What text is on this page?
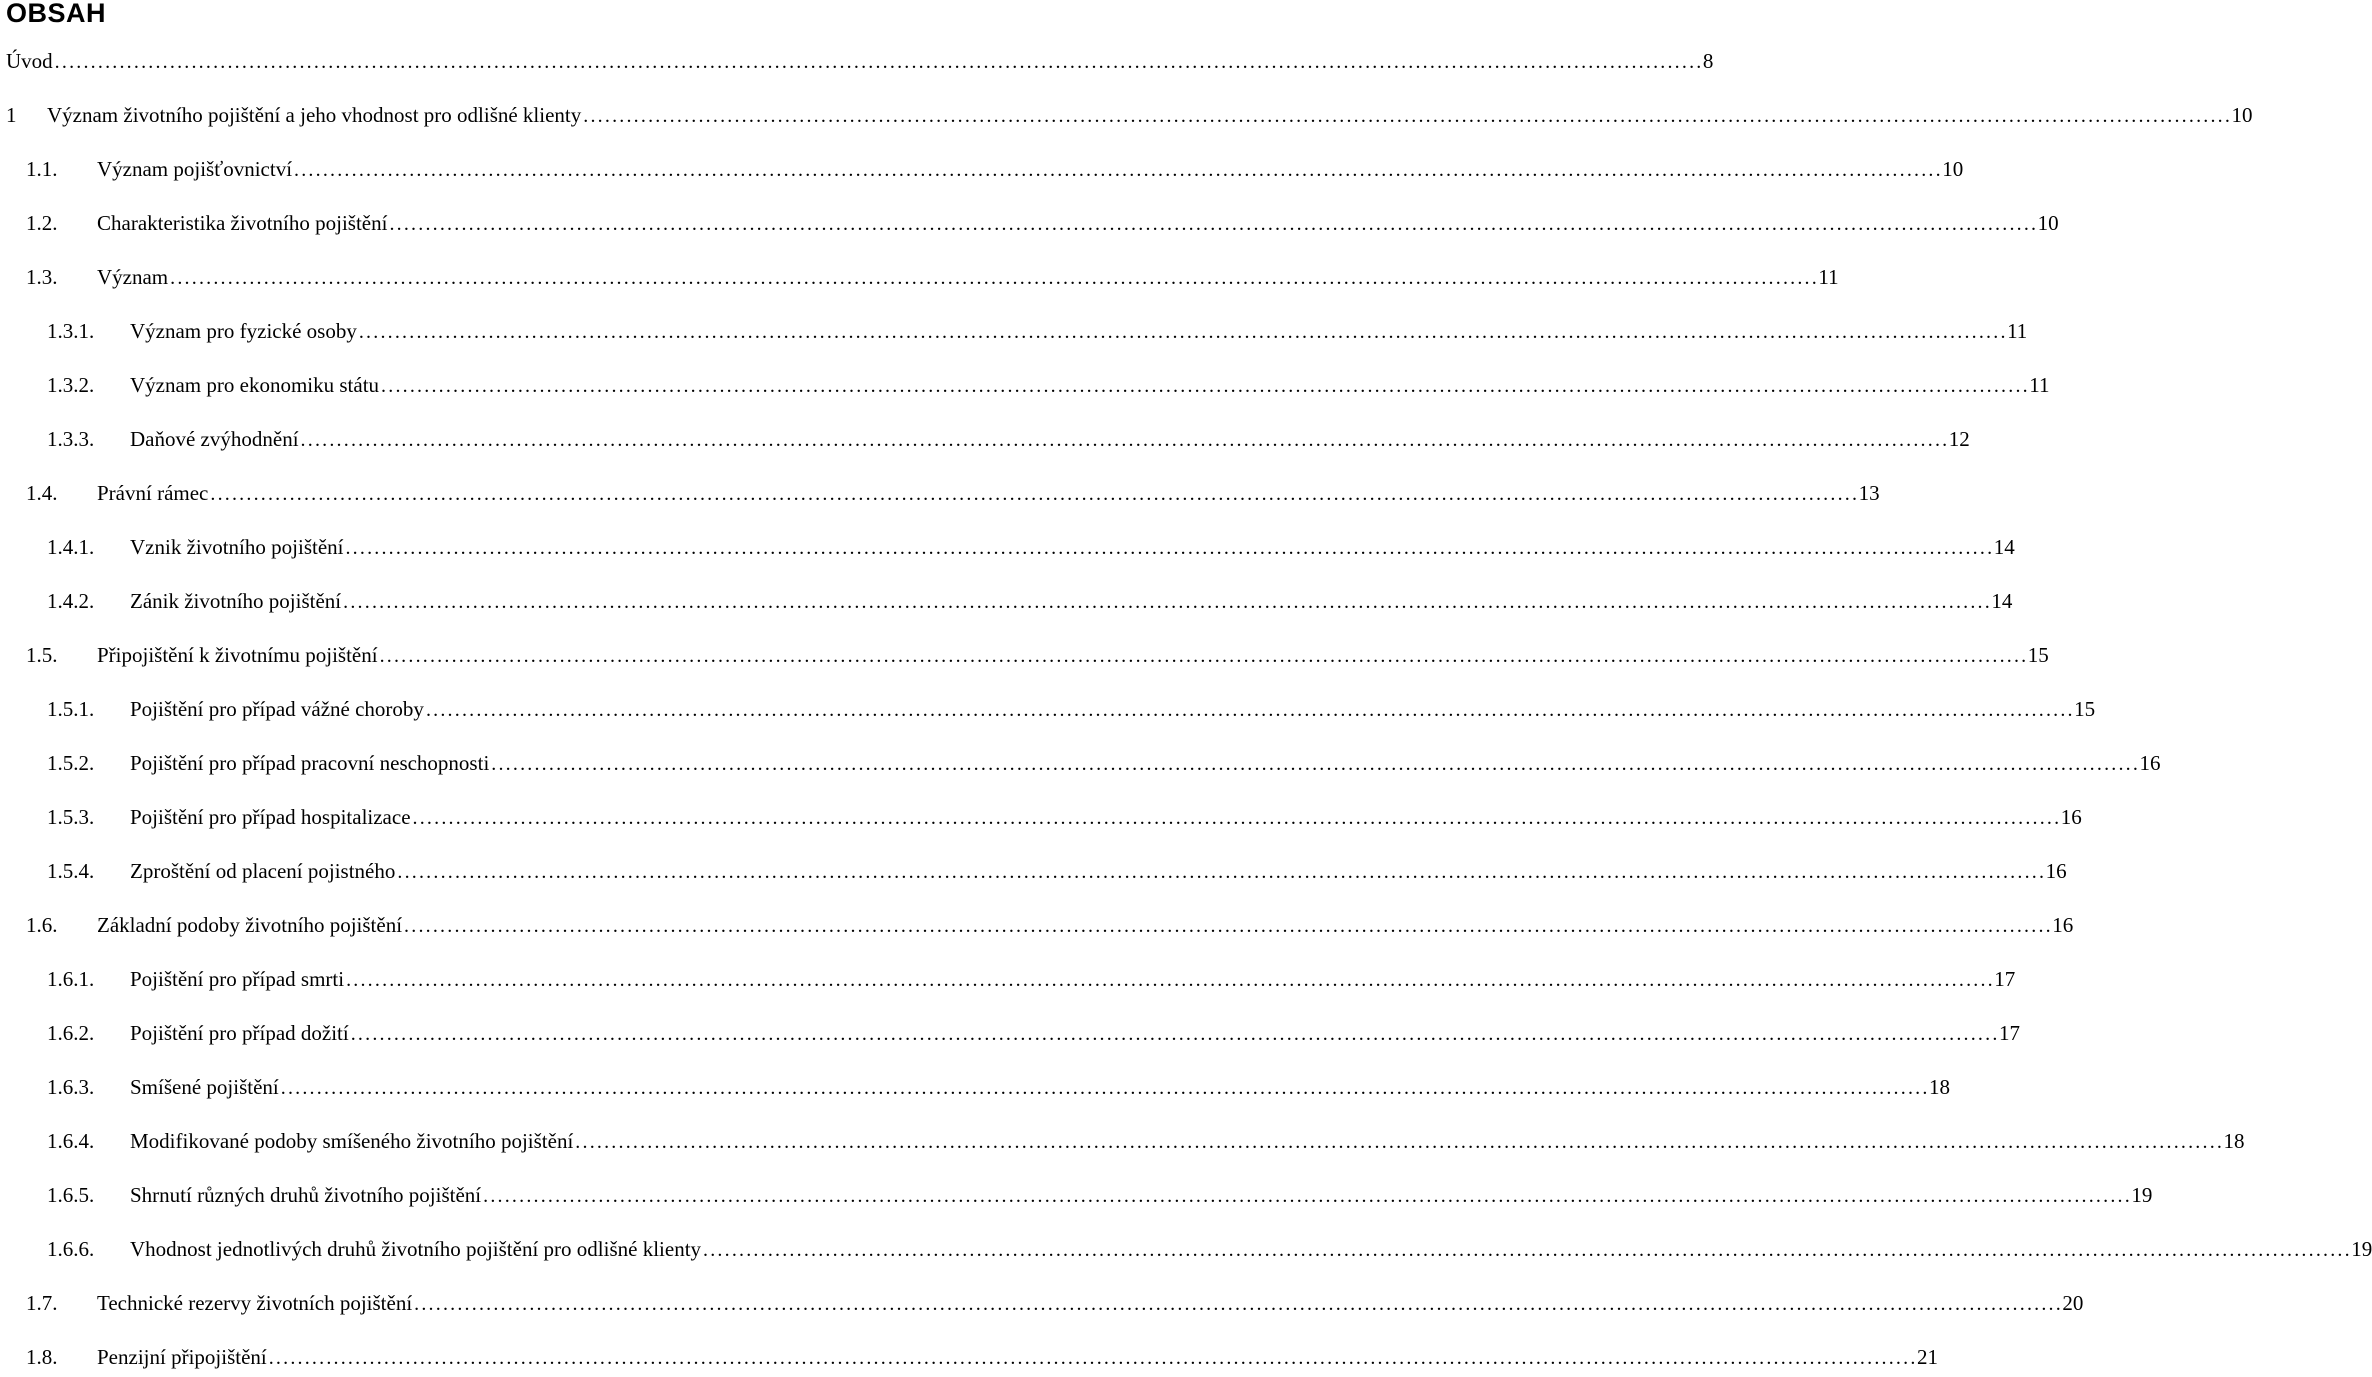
OBSAH
Úvod . . .	8
1 Význam životního pojištění a jeho vhodnost pro odlišné klienty . . .	10
1.1. Význam pojišťovnictví . . .	10
1.2. Charakteristika životního pojištění . . .	10
1.3. Význam . . .	11
1.3.1. Význam pro fyzické osoby . . .	11
1.3.2. Význam pro ekonomiku státu . . .	11
1.3.3. Daňové zvýhodnění . . .	12
1.4. Právní rámec . . .	13
1.4.1. Vznik životního pojištění . . .	14
1.4.2. Zánik životního pojištění . . .	14
1.5. Připojištění k životnímu pojištění . . .	15
1.5.1. Pojištění pro případ vážné choroby . . .	15
1.5.2. Pojištění pro případ pracovní neschopnosti . . .	16
1.5.3. Pojištění pro případ hospitalizace . . .	16
1.5.4. Zproštění od placení pojistného . . .	16
1.6. Základní podoby životního pojištění . . .	16
1.6.1. Pojištění pro případ smrti . . .	17
1.6.2. Pojištění pro případ dožití . . .	17
1.6.3. Smíšené pojištění . . .	18
1.6.4. Modifikované podoby smíšeného životního pojištění . . .	18
1.6.5. Shrnutí různých druhů životního pojištění . . .	19
1.6.6. Vhodnost jednotlivých druhů životního pojištění pro odlišné klienty . . .	19
1.7. Technické rezervy životních pojištění . . .	20
1.8. Penzijní připojištění . . .	21
